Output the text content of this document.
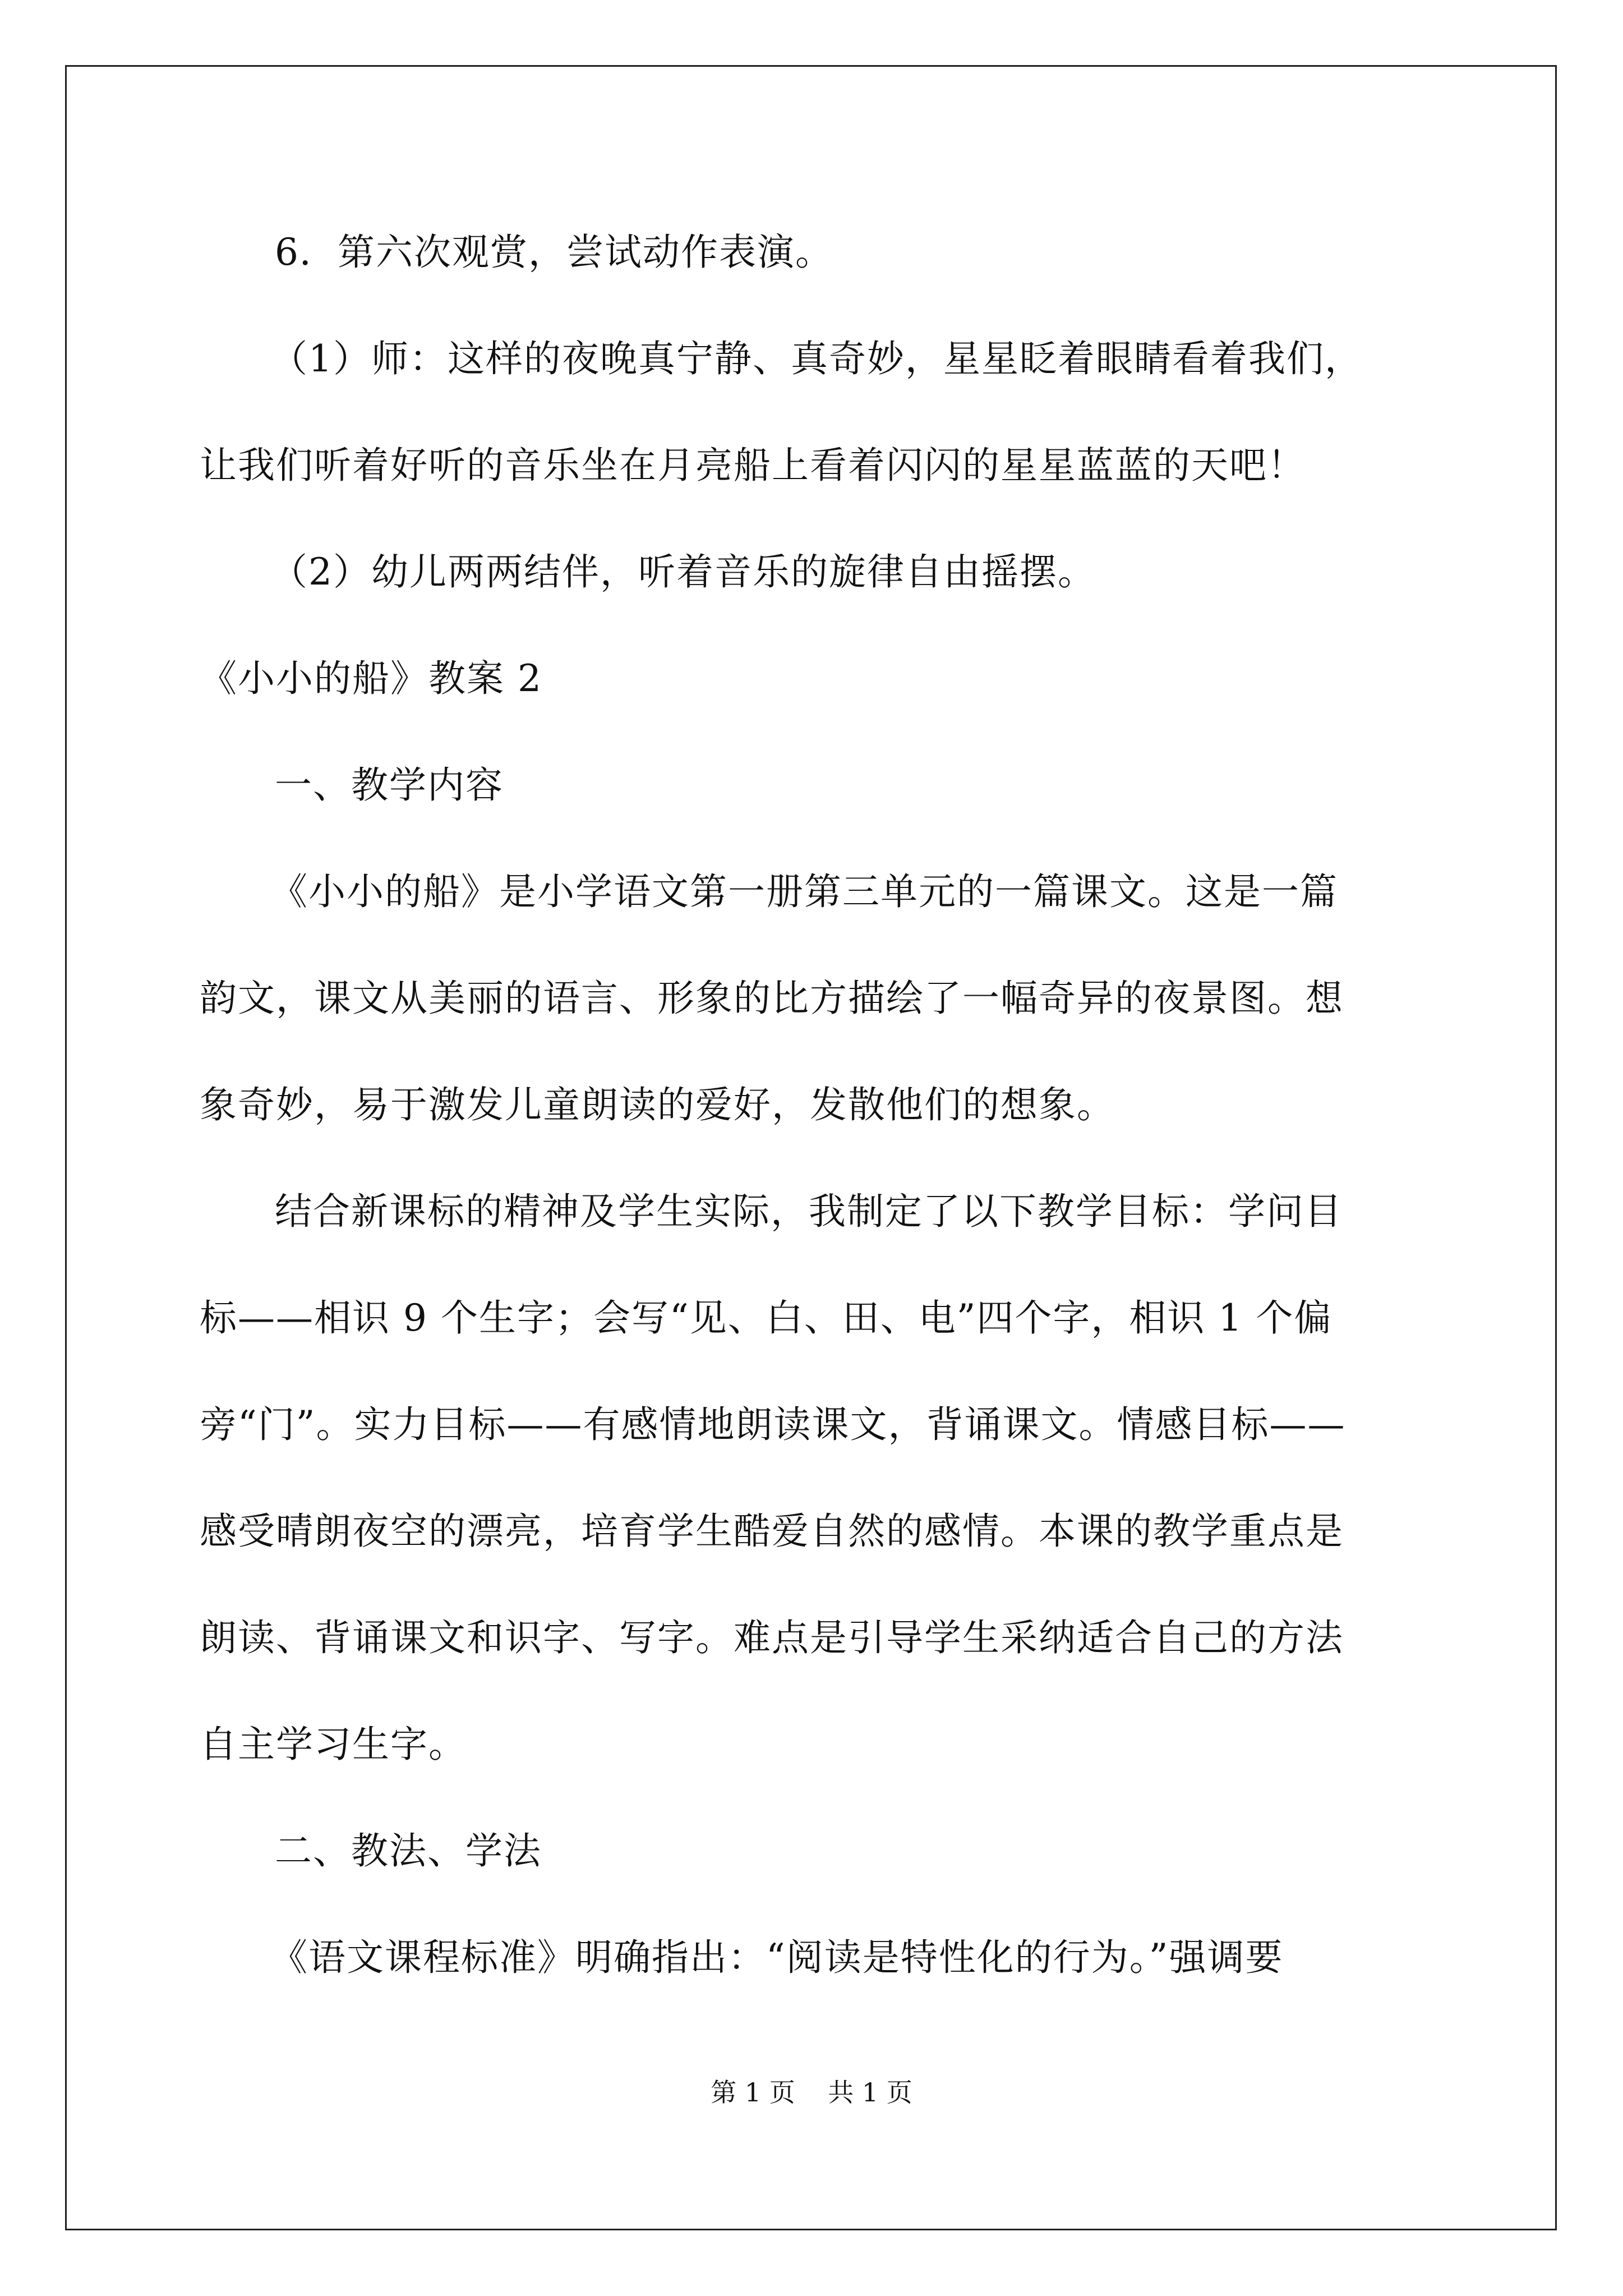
6．第六次观赏，尝试动作表演。
（1）师：这样的夜晚真宁静、真奇妙，星星眨着眼睛看着我们，
让我们听着好听的音乐坐在月亮船上看着闪闪的星星蓝蓝的天吧！
（2）幼儿两两结伴，听着音乐的旋律自由摇摆。
《小小的船》教案 2
一、教学内容
《小小的船》是小学语文第一册第三单元的一篇课文。这是一篇
韵文，课文从美丽的语言、形象的比方描绘了一幅奇异的夜景图。想
象奇妙，易于激发儿童朗读的爱好，发散他们的想象。
结合新课标的精神及学生实际，我制定了以下教学目标：学问目
标——相识 9 个生字；会写“见、白、田、电”四个字，相识 1 个偏
旁“门”。实力目标——有感情地朗读课文，背诵课文。情感目标——
感受晴朗夜空的漂亮，培育学生酷爱自然的感情。本课的教学重点是
朗读、背诵课文和识字、写字。难点是引导学生采纳适合自己的方法
自主学习生字。
二、教法、学法
《语文课程标准》明确指出：“阅读是特性化的行为。”强调要
第 1 页    共 1 页
